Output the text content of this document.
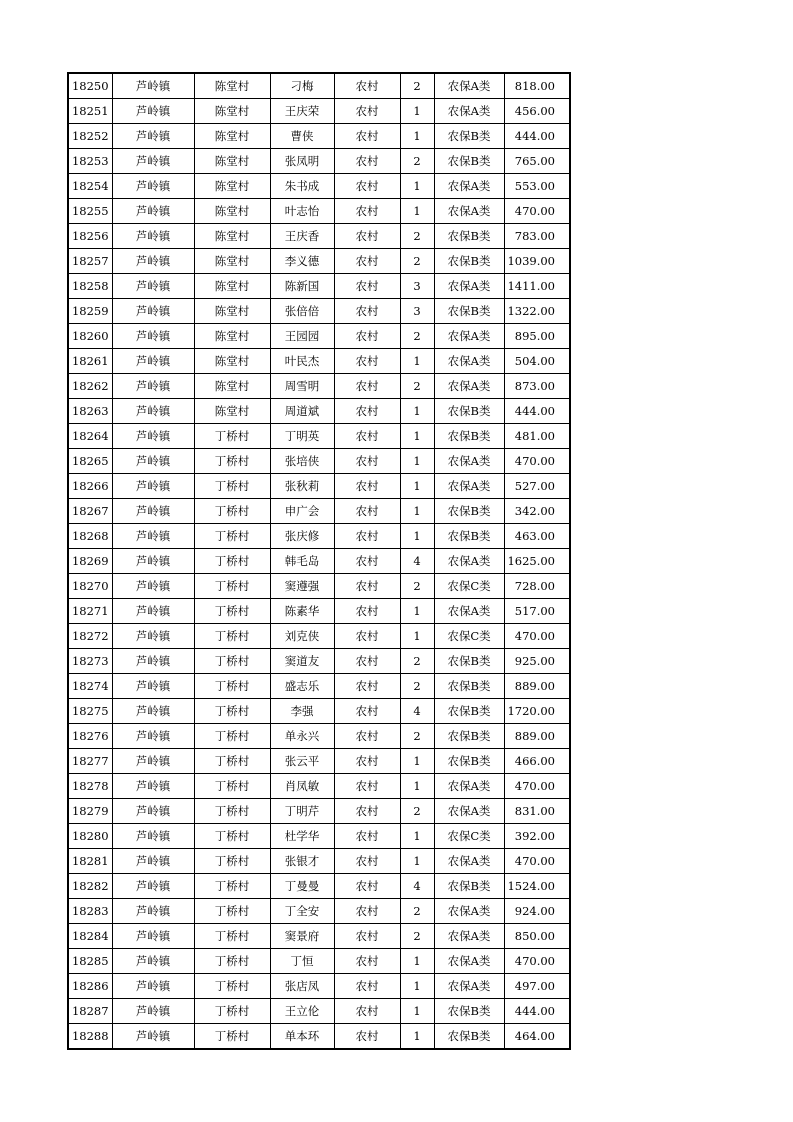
18250	芦岭镇	陈堂村	刁梅	农村	2	农保A类	818.00
18251	芦岭镇	陈堂村	王庆荣	农村	1	农保A类	456.00
18252	芦岭镇	陈堂村	曹侠	农村	1	农保B类	444.00
18253	芦岭镇	陈堂村	张凤明	农村	2	农保B类	765.00
18254	芦岭镇	陈堂村	朱书成	农村	1	农保A类	553.00
18255	芦岭镇	陈堂村	叶志怡	农村	1	农保A类	470.00
18256	芦岭镇	陈堂村	王庆香	农村	2	农保B类	783.00
18257	芦岭镇	陈堂村	李义德	农村	2	农保B类	1039.00
18258	芦岭镇	陈堂村	陈新国	农村	3	农保A类	1411.00
18259	芦岭镇	陈堂村	张倍倍	农村	3	农保B类	1322.00
18260	芦岭镇	陈堂村	王园园	农村	2	农保A类	895.00
18261	芦岭镇	陈堂村	叶民杰	农村	1	农保A类	504.00
18262	芦岭镇	陈堂村	周雪明	农村	2	农保A类	873.00
18263	芦岭镇	陈堂村	周道斌	农村	1	农保B类	444.00
18264	芦岭镇	丁桥村	丁明英	农村	1	农保B类	481.00
18265	芦岭镇	丁桥村	张培侠	农村	1	农保A类	470.00
18266	芦岭镇	丁桥村	张秋莉	农村	1	农保A类	527.00
18267	芦岭镇	丁桥村	申广会	农村	1	农保B类	342.00
18268	芦岭镇	丁桥村	张庆修	农村	1	农保B类	463.00
18269	芦岭镇	丁桥村	韩毛岛	农村	4	农保A类	1625.00
18270	芦岭镇	丁桥村	窦遵强	农村	2	农保C类	728.00
18271	芦岭镇	丁桥村	陈素华	农村	1	农保A类	517.00
18272	芦岭镇	丁桥村	刘克侠	农村	1	农保C类	470.00
18273	芦岭镇	丁桥村	窦道友	农村	2	农保B类	925.00
18274	芦岭镇	丁桥村	盛志乐	农村	2	农保B类	889.00
18275	芦岭镇	丁桥村	李强	农村	4	农保B类	1720.00
18276	芦岭镇	丁桥村	单永兴	农村	2	农保B类	889.00
18277	芦岭镇	丁桥村	张云平	农村	1	农保B类	466.00
18278	芦岭镇	丁桥村	肖凤敏	农村	1	农保A类	470.00
18279	芦岭镇	丁桥村	丁明芹	农村	2	农保A类	831.00
18280	芦岭镇	丁桥村	杜学华	农村	1	农保C类	392.00
18281	芦岭镇	丁桥村	张银才	农村	1	农保A类	470.00
18282	芦岭镇	丁桥村	丁曼曼	农村	4	农保B类	1524.00
18283	芦岭镇	丁桥村	丁全安	农村	2	农保A类	924.00
18284	芦岭镇	丁桥村	窦景府	农村	2	农保A类	850.00
18285	芦岭镇	丁桥村	丁恒	农村	1	农保A类	470.00
18286	芦岭镇	丁桥村	张店凤	农村	1	农保A类	497.00
18287	芦岭镇	丁桥村	王立伦	农村	1	农保B类	444.00
18288	芦岭镇	丁桥村	单本环	农村	1	农保B类	464.00
